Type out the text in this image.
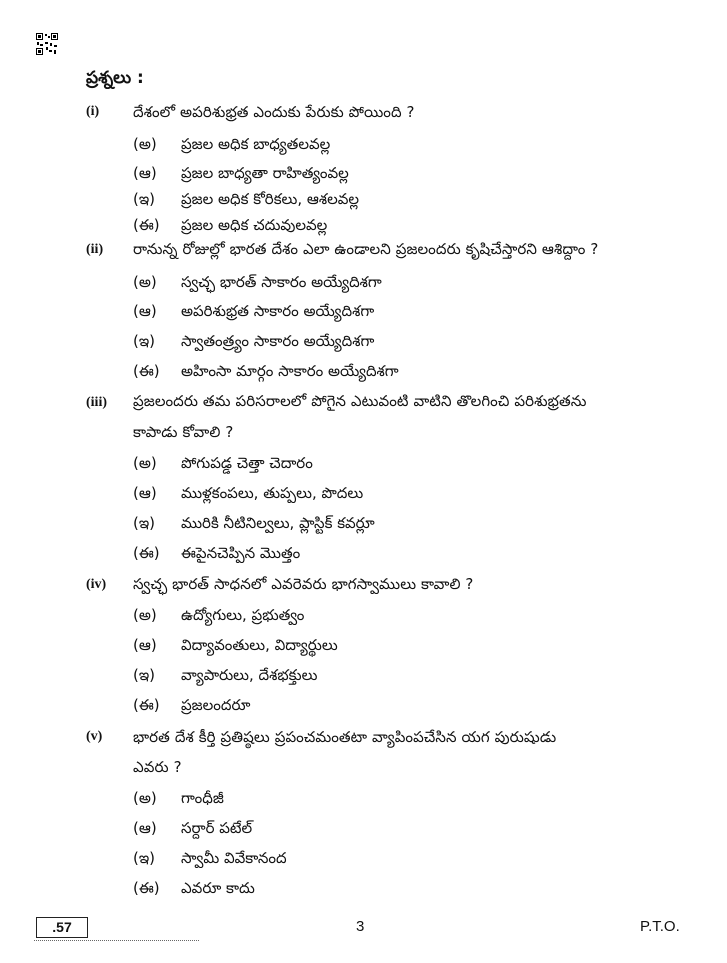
ప్రశ్నలు :
(i) దేశంలో అపరిశుభ్రత ఎందుకు పేరుకు పోయింది ?
(అ) ప్రజల అధిక బాధ్యతలవల్ల
(ఆ) ప్రజల బాధ్యతా రాహిత్యంవల్ల
(ఇ) ప్రజల అధిక కోరికలు, ఆశలవల్ల
(ఈ) ప్రజల అధిక చదువులవల్ల
(ii) రానున్న రోజుల్లో భారత దేశం ఎలా ఉండాలని ప్రజలందరు కృషిచేస్తారని ఆశిద్దాం ?
(అ) స్వచ్ఛ భారత్ సాకారం అయ్యేదిశగా
(ఆ) అపరిశుభ్రత సాకారం అయ్యేదిశగా
(ఇ) స్వాతంత్ర్యం సాకారం అయ్యేదిశగా
(ఈ) అహింసా మార్గం సాకారం అయ్యేదిశగా
(iii) ప్రజలందరు తమ పరిసరాలలో పోగైన ఎటువంటి వాటిని తొలగించి పరిశుభ్రతను
కాపాడు కోవాలి ?
(అ) పోగుపడ్డ చెత్తా చెదారం
(ఆ) ముళ్లకంపలు, తుప్పలు, పొదలు
(ఇ) మురికి నీటినిల్వలు, ప్లాస్టిక్ కవర్లూ
(ఈ) ఈపైనచెప్పిన మొత్తం
(iv) స్వచ్ఛ భారత్ సాధనలో ఎవరెవరు భాగస్వాములు కావాలి ?
(అ) ఉద్యోగులు, ప్రభుత్వం
(ఆ) విద్యావంతులు, విద్యార్థులు
(ఇ) వ్యాపారులు, దేశభక్తులు
(ఈ) ప్రజలందరూ
(v) భారత దేశ కీర్తి ప్రతిష్ఠలు ప్రపంచమంతటా వ్యాపింపచేసిన యగ పురుషుడు
ఎవరు ?
(అ) గాంధీజీ
(ఆ) సర్దార్ పటేల్
(ఇ) స్వామీ వివేకానంద
(ఈ) ఎవరూ కాదు
.57	3	P.T.O.
